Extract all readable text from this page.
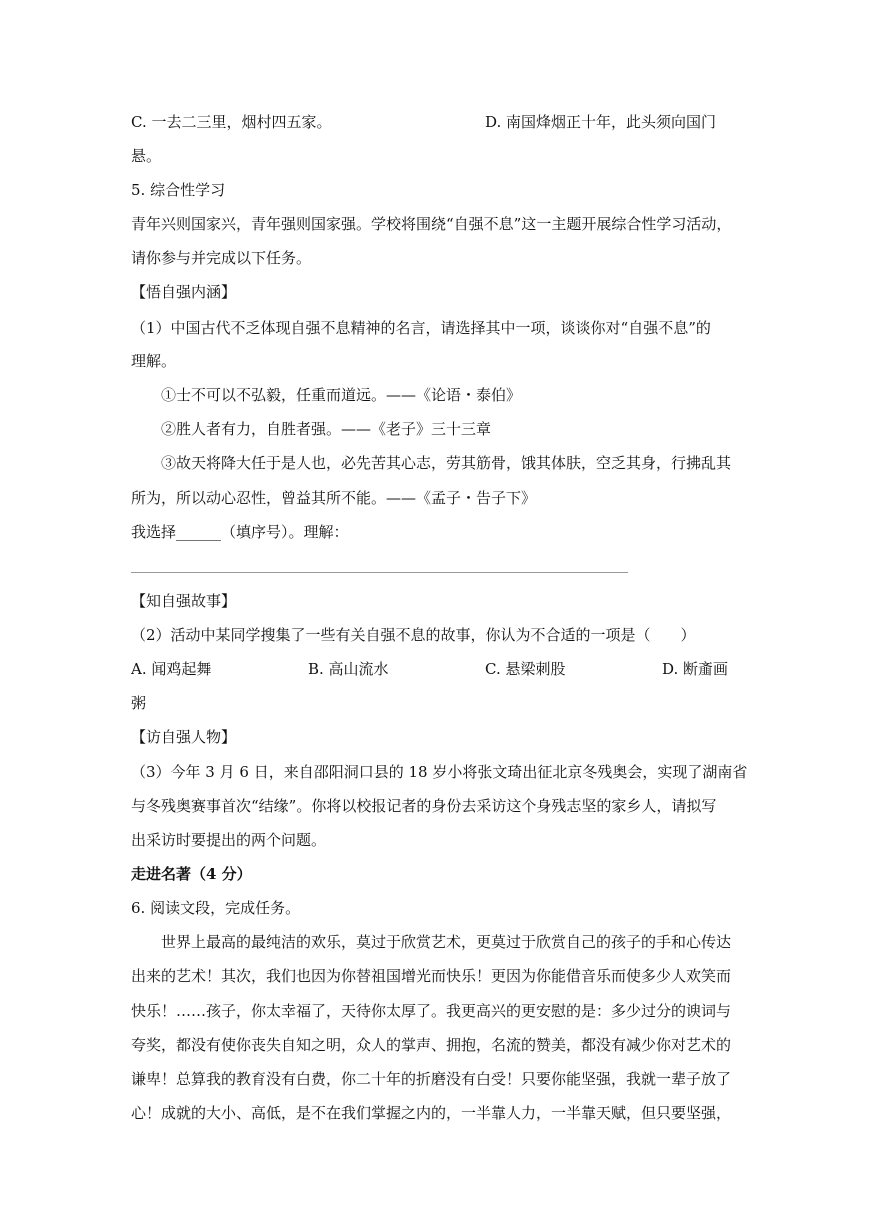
C. 一去二三里，烟村四五家。	D. 南国烽烟正十年，此头须向国门
悬。
5. 综合性学习
青年兴则国家兴，青年强则国家强。学校将围绕“自强不息”这一主题开展综合性学习活动，
请你参与并完成以下任务。
【悟自强内涵】
（1）中国古代不乏体现自强不息精神的名言，请选择其中一项，谈谈你对“自强不息”的
理解。
①士不可以不弘毅，任重而道远。——《论语・泰伯》
②胜人者有力，自胜者强。——《老子》三十三章
③故天将降大任于是人也，必先苦其心志，劳其筋骨，饿其体肤，空乏其身，行拂乱其
所为，所以动心忍性，曾益其所不能。——《孟子・告子下》
我选择______（填序号）。理解：
【知自强故事】
（2）活动中某同学搜集了一些有关自强不息的故事，你认为不合适的一项是（　　）
A. 闻鸡起舞	B. 高山流水	C. 悬梁刺股	D. 断齑画
粥
【访自强人物】
（3）今年 3 月 6 日，来自邵阳洞口县的 18 岁小将张文琦出征北京冬残奥会，实现了湖南省
与冬残奥赛事首次“结缘”。你将以校报记者的身份去采访这个身残志坚的家乡人，请拟写
出采访时要提出的两个问题。
走进名著（4 分）
6. 阅读文段，完成任务。
世界上最高的最纯洁的欢乐，莫过于欣赏艺术，更莫过于欣赏自己的孩子的手和心传达
出来的艺术！其次，我们也因为你替祖国增光而快乐！更因为你能借音乐而使多少人欢笑而
快乐！……孩子，你太幸福了，天待你太厚了。我更高兴的更安慰的是：多少过分的谀词与
夸奖，都没有使你丧失自知之明，众人的掌声、拥抱，名流的赞美，都没有减少你对艺术的
谦卑！总算我的教育没有白费，你二十年的折磨没有白受！只要你能坚强，我就一辈子放了
心！成就的大小、高低，是不在我们掌握之内的，一半靠人力，一半靠天赋，但只要坚强，
